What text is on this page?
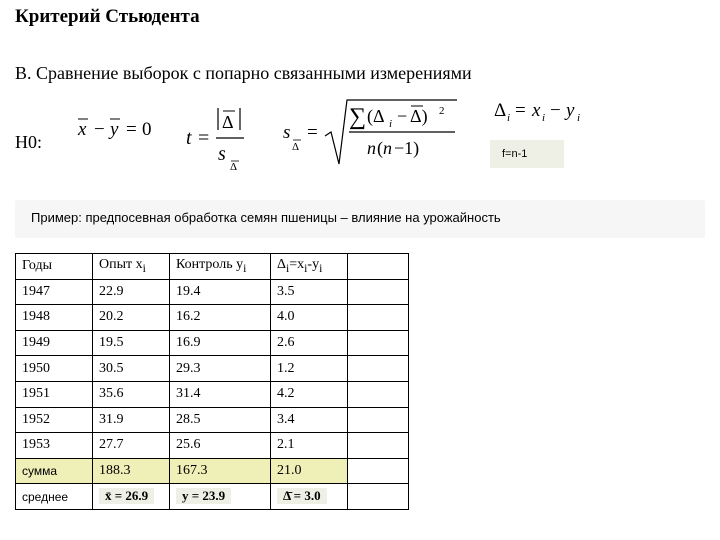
Критерий Стьюдента
B. Сравнение выборок с попарно связанными измерениями
H0:
x − y = 0 t =
Δ
s
Δ
s
Δ
=
∑ (Δ i − Δ) 2
n ( n −1)
Δ i = x i − y i
f=n-1
Пример: предпосевная обработка семян пшеницы – влияние на урожайность
Годы	Опыт $x_i$	Контроль $y_i$	$\Delta_i=x_i-y_i$	
1947	22.9	19.4	3.5	
1948	20.2	16.2	4.0	
1949	19.5	16.9	2.6	
1950	30.5	29.3	1.2	
1951	35.6	31.4	4.2	
1952	31.9	28.5	3.4	
1953	27.7	25.6	2.1	
сумма	188.3	167.3	21.0	
среднее	x̄ = 26.9	y = 23.9	Δ̄ = 3.0	
